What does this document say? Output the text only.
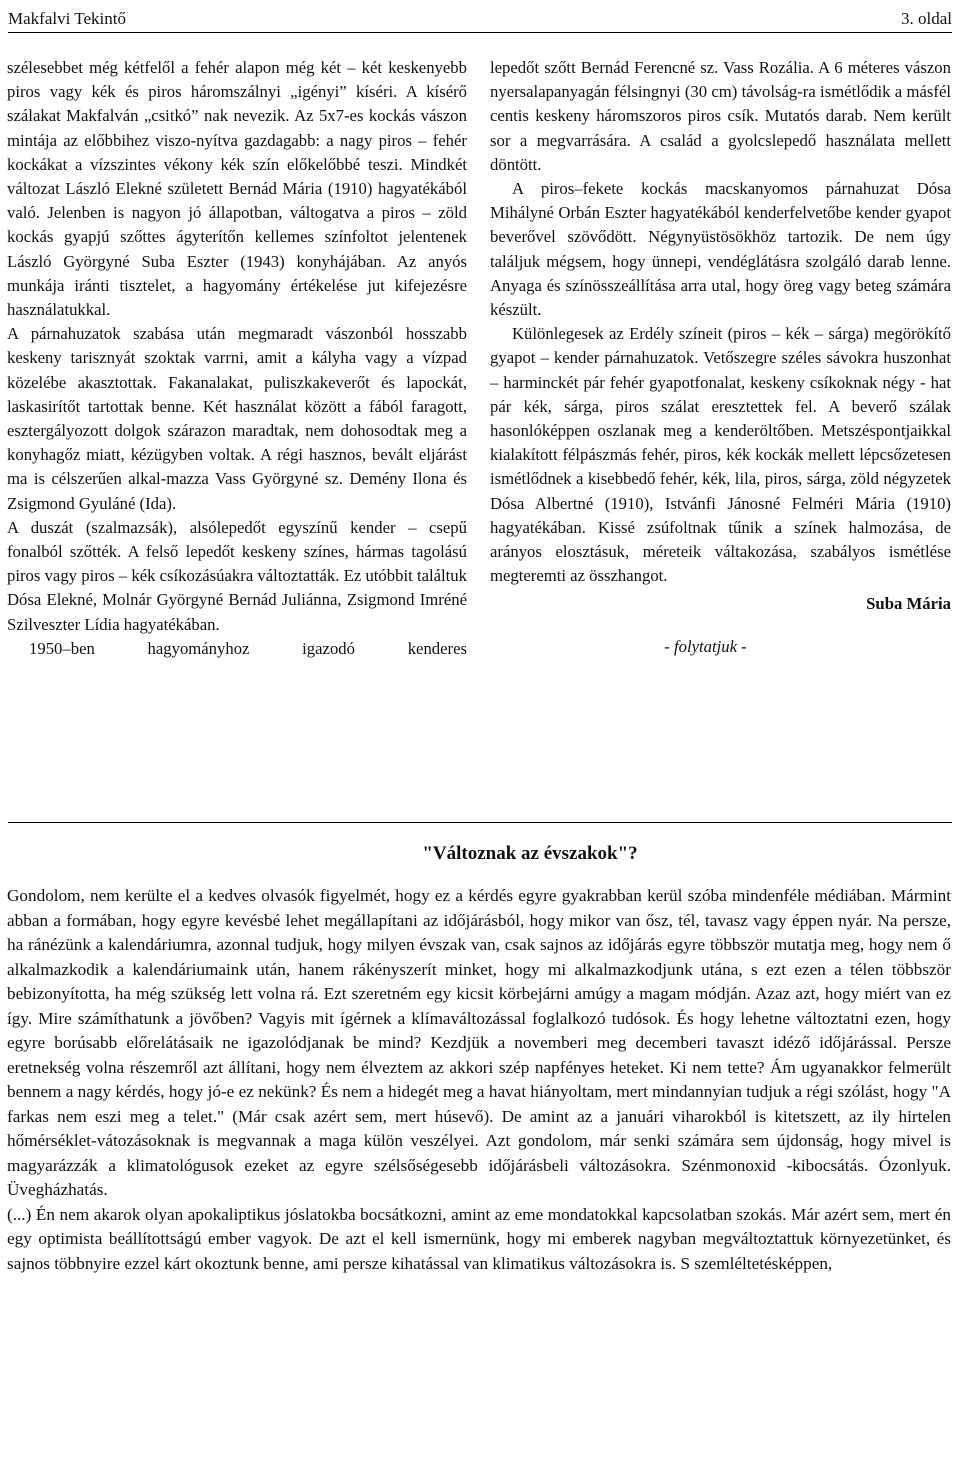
Makfalvi Tekintő	3. oldal

szélesebbet még kétfelől a fehér alapon még két – két keskenyebb piros vagy kék és piros háromszálnyi „igényi” kíséri. A kísérő szálakat Makfalván „csitkó” nak nevezik. Az 5x7-es kockás vászon mintája az előbbihez viszo-nyítva gazdagabb: a nagy piros – fehér kockákat a vízszintes vékony kék szín előkelőbbé teszi. Mindkét változat László Elekné született Bernád Mária (1910) hagyatékából való. Jelenben is nagyon jó állapotban, váltogatva a piros – zöld kockás gyapjú szőttes ágyterítőn kellemes színfoltot jelentenek László Györgyné Suba Eszter (1943) konyhájában. Az anyós munkája iránti tisztelet, a hagyomány értékelése jut kifejezésre használatukkal.

A párnahuzatok szabása után megmaradt vászonból hosszabb keskeny tarisznyát szoktak varrni, amit a kályha vagy a vízpad közelébe akasztottak. Fakanalakat, puliszkakeverőt és lapockát, laskasirítőt tartottak benne. Két használat között a fából faragott, esztergályozott dolgok szárazon maradtak, nem dohosodtak meg a konyhagőz miatt, kézügyben voltak. A régi hasznos, bevált eljárást ma is célszerűen alkal-mazza Vass Györgyné sz. Demény Ilona és Zsigmond Gyuláné (Ida).

A duszát (szalmazsák), alsólepedőt egyszínű kender – csepű fonalból szőtték. A felső lepedőt keskeny színes, hármas tagolású piros vagy piros – kék csíkozásúakra változtatták. Ez utóbbit találtuk Dósa Elekné, Molnár Györgyné Bernád Juliánna, Zsigmond Imréné Szilveszter Lídia hagyatékában.

1950–ben hagyományhoz igazodó kenderes

lepedőt szőtt Bernád Ferencné sz. Vass Rozália. A 6 méteres vászon nyersalapanyagán félsingnyi (30 cm) távolság-ra ismétlődik a másfél centis keskeny háromszoros piros csík. Mutatós darab. Nem került sor a megvarrására. A család a gyolcslepedő használata mellett döntött.

A piros–fekete kockás macskanyomos párnahuzat Dósa Mihályné Orbán Eszter hagyatékából kenderfelvetőbe kender gyapot beverővel szövődött. Négynyüstösökhöz tartozik. De nem úgy találjuk mégsem, hogy ünnepi, vendéglátásra szolgáló darab lenne. Anyaga és színösszeállítása arra utal, hogy öreg vagy beteg számára készült.

Különlegesek az Erdély színeit (piros – kék – sárga) megörökítő gyapot – kender párnahuzatok. Vetőszegre széles sávokra huszonhat – harminckét pár fehér gyapotfonalat, keskeny csíkoknak négy - hat pár kék, sárga, piros szálat eresztettek fel. A beverő szálak hasonlóképpen oszlanak meg a kenderöltőben. Metszéspontjaikkal kialakított félpászmás fehér, piros, kék kockák mellett lépcsőzetesen ismétlődnek a kisebbedő fehér, kék, lila, piros, sárga, zöld négyzetek Dósa Albertné (1910), Istvánfi Jánosné Felméri Mária (1910) hagyatékában. Kissé zsúfoltnak tűnik a színek halmozása, de arányos elosztásuk, méreteik váltakozása, szabályos ismétlése megteremti az összhangot.

Suba Mária
- folytatjuk -
"Változnak az évszakok"?

Gondolom, nem kerülte el a kedves olvasók figyelmét, hogy ez a kérdés egyre gyakrabban kerül szóba mindenféle médiában. Mármint abban a formában, hogy egyre kevésbé lehet megállapítani az időjárásból, hogy mikor van ősz, tél, tavasz vagy éppen nyár. Na persze, ha ránézünk a kalendáriumra, azonnal tudjuk, hogy milyen évszak van, csak sajnos az időjárás egyre többször mutatja meg, hogy nem ő alkalmazkodik a kalendáriumaink után, hanem rákényszerít minket, hogy mi alkalmazkodjunk utána, s ezt ezen a télen többször bebizonyította, ha még szükség lett volna rá. Ezt szeretném egy kicsit körbejárni amúgy a magam módján. Azaz azt, hogy miért van ez így. Mire számíthatunk a jövőben? Vagyis mit ígérnek a klímaváltozással foglalkozó tudósok. És hogy lehetne változtatni ezen, hogy egyre borúsabb előrelátásaik ne igazolódjanak be mind? Kezdjük a novemberi meg decemberi tavaszt idéző időjárással. Persze eretnekség volna részemről azt állítani, hogy nem élveztem az akkori szép napfényes heteket. Ki nem tette? Ám ugyanakkor felmerült bennem a nagy kérdés, hogy jó-e ez nekünk? És nem a hidegét meg a havat hiányoltam, mert mindannyian tudjuk a régi szólást, hogy "A farkas nem eszi meg a telet." (Már csak azért sem, mert húsevő). De amint az a januári viharokból is kitetszett, az ily hirtelen hőmérséklet-vátozásoknak is megvannak a maga külön veszélyei. Azt gondolom, már senki számára sem újdonság, hogy mivel is magyarázzák a klimatológusok ezeket az egyre szélsőségesebb időjárásbeli változásokra. Szénmonoxid -kibocsátás. Ózonlyuk. Üvegházhatás.

(...) Én nem akarok olyan apokaliptikus jóslatokba bocsátkozni, amint az eme mondatokkal kapcsolatban szokás. Már azért sem, mert én egy optimista beállítottságú ember vagyok. De azt el kell ismernünk, hogy mi emberek nagyban megváltoztattuk környezetünket, és sajnos többnyire ezzel kárt okoztunk benne, ami persze kihatással van klimatikus változásokra is. S szemléltetésképpen,
